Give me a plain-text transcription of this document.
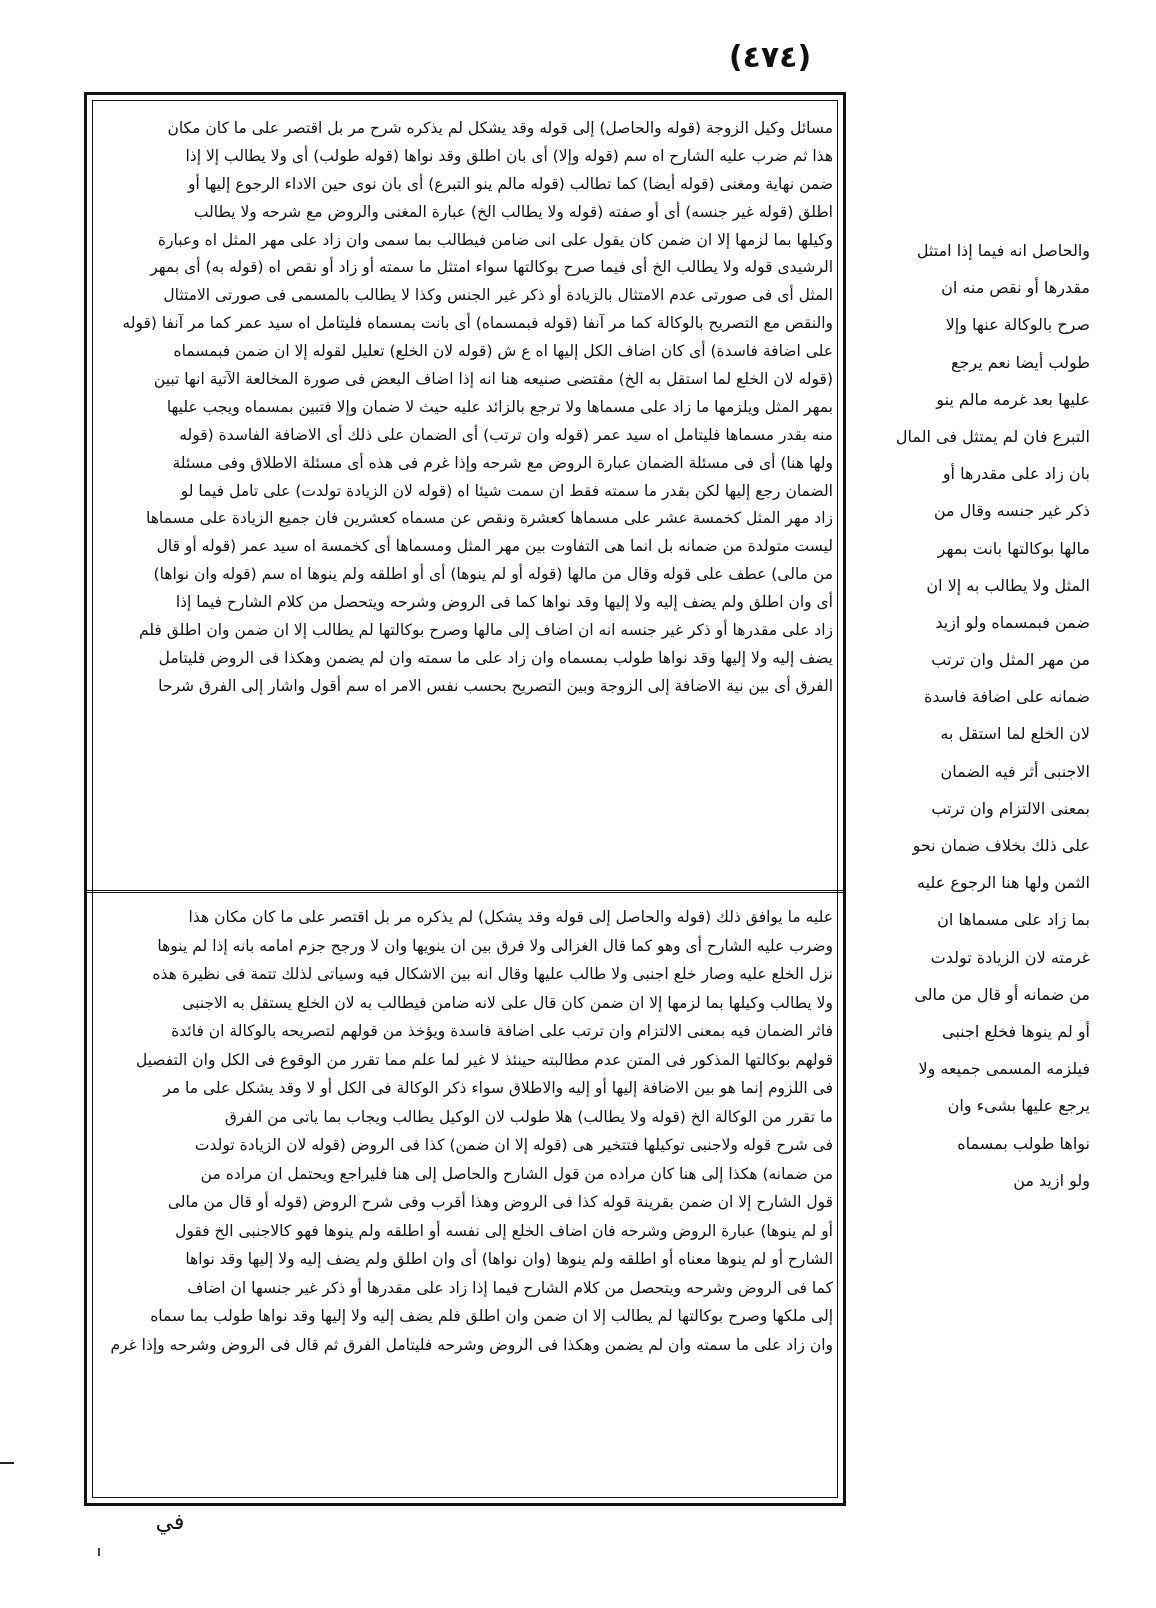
(٤٧٤)
مسائل وكيل الزوجة (قوله والحاصل) إلى قوله وقد يشكل لم يذكره شرح مر بل اقتصر على ما كان مكان
هذا ثم ضرب عليه الشارح اه سم (قوله وإلا) أى بان اطلق وقد نواها (قوله طولب) أى ولا يطالب إلا إذا
ضمن نهاية ومغنى (قوله أيضا) كما تطالب (قوله مالم ينو التبرع) أى بان نوى حين الاداء الرجوع إليها أو
اطلق (قوله غير جنسه) أى أو صفته (قوله ولا يطالب الخ) عبارة المغنى والروض مع شرحه ولا يطالب
وكيلها بما لزمها إلا ان ضمن كان يقول على انى ضامن فيطالب بما سمى وان زاد على مهر المثل اه وعبارة
الرشيدى قوله ولا يطالب الخ أى فيما صرح بوكالتها سواء امتثل ما سمته أو زاد أو نقص اه (قوله به) أى بمهر
المثل أى فى صورتى عدم الامتثال بالزيادة أو ذكر غير الجنس وكذا لا يطالب بالمسمى فى صورتى الامتثال
والنقص مع التصريح بالوكالة كما مر آنفا (قوله فبمسماه) أى بانت بمسماه فليتامل اه سيد عمر كما مر آنفا (قوله
على اضافة فاسدة) أى كان اضاف الكل إليها اه ع ش (قوله لان الخلع) تعليل لقوله إلا ان ضمن فبمسماه
(قوله لان الخلع لما استقل به الخ) مقتضى صنيعه هنا انه إذا اضاف البعض فى صورة المخالعة الآتية انها تبين
بمهر المثل ويلزمها ما زاد على مسماها ولا ترجع بالزائد عليه حيث لا ضمان وإلا فتبين بمسماه ويجب عليها
منه بقدر مسماها فليتامل اه سيد عمر (قوله وان ترتب) أى الضمان على ذلك أى الاضافة الفاسدة (قوله
ولها هنا) أى فى مسئلة الضمان عبارة الروض مع شرحه وإذا غرم فى هذه أى مسئلة الاطلاق وفى مسئلة
الضمان رجع إليها لكن بقدر ما سمته فقط ان سمت شيئا اه (قوله لان الزيادة تولدت) على تامل فيما لو
زاد مهر المثل كخمسة عشر على مسماها كعشرة ونقص عن مسماه كعشرين فان جميع الزيادة على مسماها
ليست متولدة من ضمانه بل انما هى التفاوت بين مهر المثل ومسماها أى كخمسة اه سيد عمر (قوله أو قال
من مالى) عطف على قوله وقال من مالها (قوله أو لم ينوها) أى أو اطلقه ولم ينوها اه سم (قوله وان نواها)
أى وان اطلق ولم يضف إليه ولا إليها وقد نواها كما فى الروض وشرحه ويتحصل من كلام الشارح فيما إذا
زاد على مقدرها أو ذكر غير جنسه انه ان اضاف إلى مالها وصرح بوكالتها لم يطالب إلا ان ضمن وان اطلق فلم
يضف إليه ولا إليها وقد نواها طولب بمسماه وان زاد على ما سمته وان لم يضمن وهكذا فى الروض فليتامل
الفرق أى بين نية الاضافة إلى الزوجة وبين التصريح بحسب نفس الامر اه سم أقول واشار إلى الفرق شرحا
عليه ما يوافق ذلك (قوله والحاصل إلى قوله وقد يشكل) لم يذكره مر بل اقتصر على ما كان مكان هذا
وضرب عليه الشارح أى وهو كما قال الغزالى ولا فرق بين ان ينويها وان لا ورجح جزم امامه بانه إذا لم ينوها
نزل الخلع عليه وصار خلع اجنبى ولا طالب عليها وقال انه بين الاشكال فيه وسياتى لذلك تتمة فى نظيرة هذه
ولا يطالب وكيلها بما لزمها إلا ان ضمن كان قال على لانه ضامن فيطالب به لان الخلع يستقل به الاجنبى
فاثر الضمان فيه بمعنى الالتزام وان ترتب على اضافة فاسدة ويؤخذ من قولهم لتصريحه بالوكالة ان فائدة
قولهم بوكالتها المذكور فى المتن عدم مطالبته حينئذ لا غير لما علم مما تقرر من الوقوع فى الكل وان التفصيل
فى اللزوم إنما هو بين الاضافة إليها أو إليه والاطلاق سواء ذكر الوكالة فى الكل أو لا وقد يشكل على ما مر
ما تقرر من الوكالة الخ (قوله ولا يطالب) هلا طولب لان الوكيل يطالب ويجاب بما ياتى من الفرق
فى شرح قوله ولاجنبى توكيلها فتتخير هى (قوله إلا ان ضمن) كذا فى الروض (قوله لان الزيادة تولدت
من ضمانه) هكذا إلى هنا كان مراده من قول الشارح والحاصل إلى هنا فليراجع ويحتمل ان مراده من
قول الشارح إلا ان ضمن بقرينة قوله كذا فى الروض وهذا أقرب وفى شرح الروض (قوله أو قال من مالى
أو لم ينوها) عبارة الروض وشرحه فان اضاف الخلع إلى نفسه أو اطلقه ولم ينوها فهو كالاجنبى الخ فقول
الشارح أو لم ينوها معناه أو اطلقه ولم ينوها (وان نواها) أى وان اطلق ولم يضف إليه ولا إليها وقد نواها
كما فى الروض وشرحه ويتحصل من كلام الشارح فيما إذا زاد على مقدرها أو ذكر غير جنسها ان اضاف
إلى ملكها وصرح بوكالتها لم يطالب إلا ان ضمن وان اطلق فلم يضف إليه ولا إليها وقد نواها طولب بما سماه
وان زاد على ما سمته وان لم يضمن وهكذا فى الروض وشرحه فليتامل الفرق ثم قال فى الروض وشرحه وإذا غرم
والحاصل انه فيما إذا امتثل
مقدرها أو نقص منه ان
صرح بالوكالة عنها وإلا
طولب أيضا نعم يرجع
عليها بعد غرمه مالم ينو
التبرع فان لم يمتثل فى المال
بان زاد على مقدرها أو
ذكر غير جنسه وقال من
مالها بوكالتها بانت بمهر
المثل ولا يطالب به إلا ان
ضمن فبمسماه ولو ازيد
من مهر المثل وان ترتب
ضمانه على اضافة فاسدة
لان الخلع لما استقل به
الاجنبى أثر فيه الضمان
بمعنى الالتزام وان ترتب
على ذلك بخلاف ضمان نحو
الثمن ولها هنا الرجوع عليه
بما زاد على مسماها ان
غرمته لان الزيادة تولدت
من ضمانه أو قال من مالى
أو لم ينوها فخلع اجنبى
فيلزمه المسمى جميعه ولا
يرجع عليها بشىء وان
نواها طولب بمسماه
ولو ازيد من
في
